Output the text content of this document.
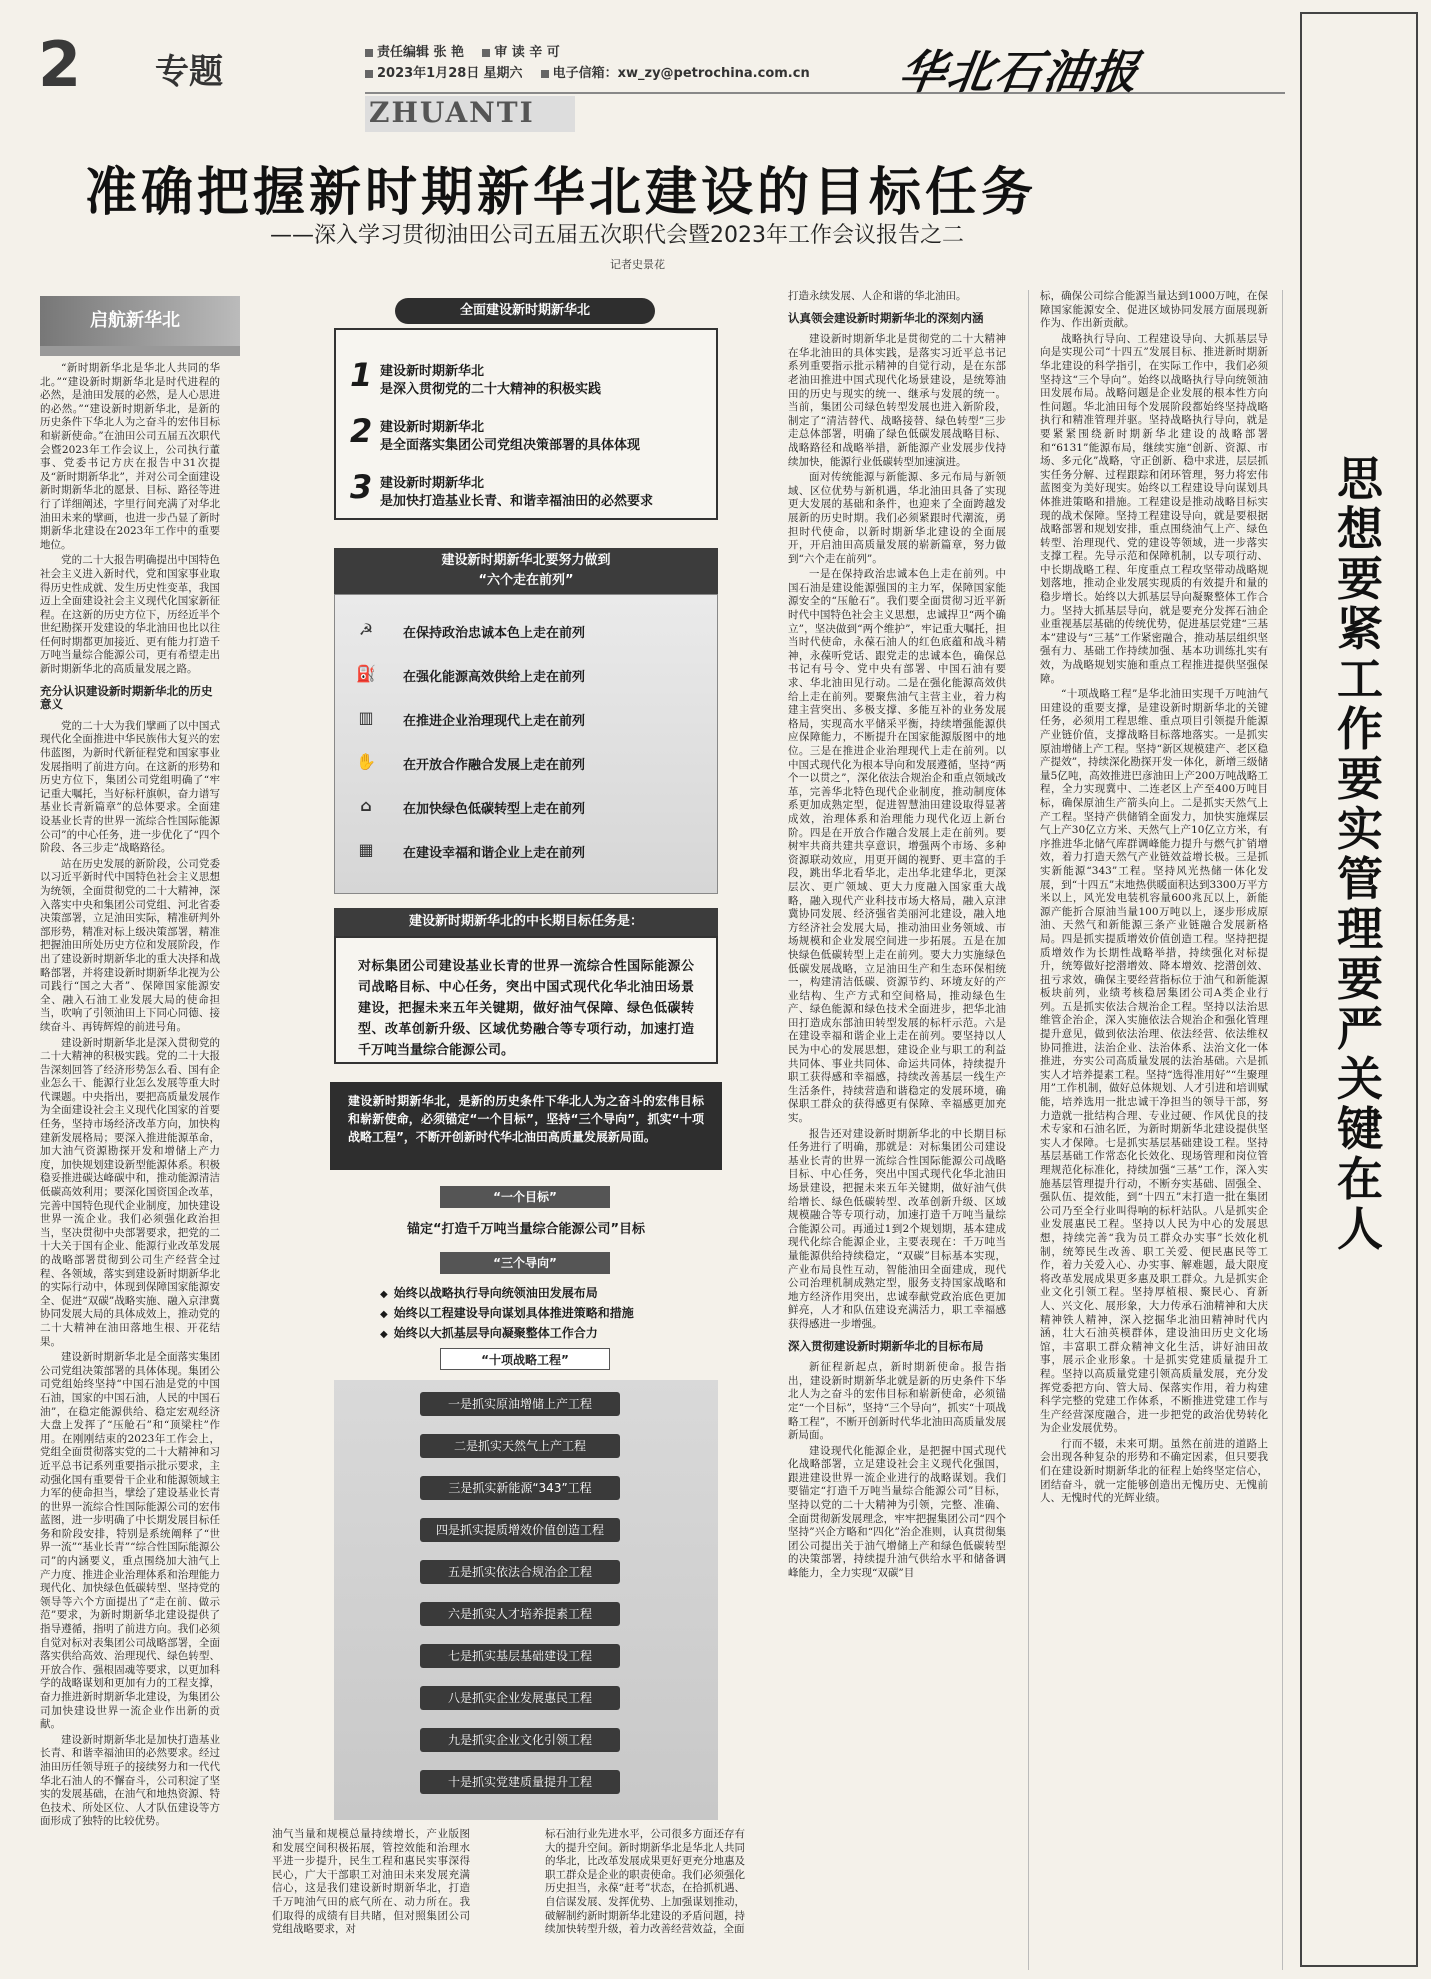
2 专题	责任编辑 张 艳 审 读 辛 可
2023年1月28日 星期六 电子信箱：xw_zy@petrochina.com.cn
ZHUANTI
华北石油报
思想要紧 工作要实 管理要严 关键在人
准确把握新时期新华北建设的目标任务
——深入学习贯彻油田公司五届五次职代会暨2023年工作会议报告之二
记者史景花
启航新华北

“新时期新华北是华北人共同的华北。”“建设新时期新华北是时代进程的必然，是油田发展的必然，是人心思进的必然。”“建设新时期新华北，是新的历史条件下华北人为之奋斗的宏伟目标和崭新使命。”在油田公司五届五次职代会暨2023年工作会议上，公司执行董事、党委书记方庆在报告中31次提及“新时期新华北”，并对公司全面建设新时期新华北的愿景、目标、路径等进行了详细阐述，字里行间充满了对华北油田未来的擘画，也进一步凸显了新时期新华北建设在2023年工作中的重要地位。

党的二十大报告明确提出中国特色社会主义进入新时代，党和国家事业取得历史性成就、发生历史性变革，我国迈上全面建设社会主义现代化国家新征程。在这新的历史方位下，历经近半个世纪勘探开发建设的华北油田也比以往任何时期都更加接近、更有能力打造千万吨当量综合能源公司，更有希望走出新时期新华北的高质量发展之路。

充分认识建设新时期新华北的历史意义

党的二十大为我们擘画了以中国式现代化全面推进中华民族伟大复兴的宏伟蓝图，为新时代新征程党和国家事业发展指明了前进方向。在这新的形势和历史方位下，集团公司党组明确了“牢记重大嘱托，当好标杆旗帜，奋力谱写基业长青新篇章”的总体要求。全面建设基业长青的世界一流综合性国际能源公司”的中心任务，进一步优化了“四个阶段、各三步走”战略路径。

站在历史发展的新阶段，公司党委以习近平新时代中国特色社会主义思想为统领，全面贯彻党的二十大精神，深入落实中央和集团公司党组、河北省委决策部署，立足油田实际，精准研判外部形势，精准对标上级决策部署，精准把握油田所处历史方位和发展阶段，作出了建设新时期新华北的重大决择和战略部署，并将建设新时期新华北视为公司践行“国之大者”、保障国家能源安全、融入石油工业发展大局的使命担当，吹响了引领油田上下同心同德、接续奋斗、再铸辉煌的前进号角。

建设新时期新华北是深入贯彻党的二十大精神的积极实践。党的二十大报告深刻回答了经济形势怎么看、国有企业怎么干、能源行业怎么发展等重大时代课题。中央指出，要把高质量发展作为全面建设社会主义现代化国家的首要任务，坚持市场经济改革方向，加快构建新发展格局；要深入推进能源革命，加大油气资源勘探开发和增储上产力度，加快规划建设新型能源体系。积极稳妥推进碳达峰碳中和，推动能源清洁低碳高效利用；要深化国资国企改革，完善中国特色现代企业制度，加快建设世界一流企业。我们必须强化政治担当，坚决贯彻中央部署要求，把党的二十大关于国有企业、能源行业改革发展的战略部署贯彻到公司生产经营全过程、各领域，落实到建设新时期新华北的实际行动中，体现到保障国家能源安全、促进“双碳”战略实施、融入京津冀协同发展大局的具体成效上，推动党的二十大精神在油田落地生根、开花结果。

建设新时期新华北是全面落实集团公司党组决策部署的具体体现。集团公司党组始终坚持“中国石油是党的中国石油，国家的中国石油，人民的中国石油”，在稳定能源供给、稳定宏观经济大盘上发挥了“压舱石”和“顶梁柱”作用。在刚刚结束的2023年工作会上，党组全面贯彻落实党的二十大精神和习近平总书记系列重要指示批示要求，主动强化国有重要骨干企业和能源领域主力军的使命担当，擘绘了建设基业长青的世界一流综合性国际能源公司的宏伟蓝图，进一步明确了中长期发展目标任务和阶段安排，特别是系统阐释了“世界一流”“基业长青”“综合性国际能源公司”的内涵要义，重点围绕加大油气上产力度、推进企业治理体系和治理能力现代化、加快绿色低碳转型、坚持党的领导等六个方面提出了“走在前、做示范”要求，为新时期新华北建设提供了指导遵循，指明了前进方向。我们必须自觉对标对表集团公司战略部署，全面落实供给高效、治理现代、绿色转型、开放合作、强根固魂等要求，以更加科学的战略谋划和更加有力的工程支撑，奋力推进新时期新华北建设，为集团公司加快建设世界一流企业作出新的贡献。

建设新时期新华北是加快打造基业长青、和谐幸福油田的必然要求。经过油田历任领导班子的接续努力和一代代华北石油人的不懈奋斗，公司积淀了坚实的发展基础，在油气和地热资源、特色技术、所处区位、人才队伍建设等方面形成了独特的比较优势。

油气当量和规模总量持续增长，产业版图和发展空间积极拓展，管控效能和治理水平进一步提升，民生工程和惠民实事深得民心，广大干部职工对油田未来发展充满信心，这是我们建设新时期新华北，打造千万吨油气田的底气所在、动力所在。我们取得的成绩有目共睹，但对照集团公司党组战略要求，对

标石油行业先进水平，公司很多方面还存有大的提升空间。新时期新华北是华北人共同的华北，比改革发展成果更好更充分地惠及职工群众是企业的职责使命。我们必须强化历史担当，永葆“赶考”状态，在拾抓机遇、自信谋发展、发挥优势、上加强谋划推动，破解制约新时期新华北建设的矛盾问题，持续加快转型升级，着力改善经营效益，全面

全面建设新时期新华北
1 建设新时期新华北
是深入贯彻党的二十大精神的积极实践
2 建设新时期新华北
是全面落实集团公司党组决策部署的具体体现
3 建设新时期新华北
是加快打造基业长青、和谐幸福油田的必然要求
建设新时期新华北要努力做到
“六个走在前列”
☭ 在保持政治忠诚本色上走在前列
⛽ 在强化能源高效供给上走在前列
▥ 在推进企业治理现代上走在前列
✋ 在开放合作融合发展上走在前列
⌂	在加快绿色低碳转型上走在前列
▦ 在建设幸福和谐企业上走在前列
建设新时期新华北的中长期目标任务是：
对标集团公司建设基业长青的世界一流综合性国际能源公司战略目标、中心任务，突出中国式现代化华北油田场景建设，把握未来五年关键期，做好油气保障、绿色低碳转型、改革创新升级、区域优势融合等专项行动，加速打造千万吨当量综合能源公司。
建设新时期新华北，是新的历史条件下华北人为之奋斗的宏伟目标和崭新使命，必须锚定“一个目标”，坚持“三个导向”，抓实“十项战略工程”，不断开创新时代华北油田高质量发展新局面。
“一个目标”
锚定“打造千万吨当量综合能源公司”目标
“三个导向”
◆ 始终以战略执行导向统领油田发展布局
◆ 始终以工程建设导向谋划具体推进策略和措施
◆ 始终以大抓基层导向凝聚整体工作合力
“十项战略工程”
一是抓实原油增储上产工程
二是抓实天然气上产工程
三是抓实新能源“343”工程
四是抓实提质增效价值创造工程
五是抓实依法合规治企工程
六是抓实人才培养提素工程
七是抓实基层基础建设工程
八是抓实企业发展惠民工程
九是抓实企业文化引领工程
十是抓实党建质量提升工程

打造永续发展、人企和谐的华北油田。

认真领会建设新时期新华北的深刻内涵

建设新时期新华北是贯彻党的二十大精神在华北油田的具体实践，是落实习近平总书记系列重要指示批示精神的自觉行动，是在东部老油田推进中国式现代化场景建设，是统筹油田的历史与现实的统一、继承与发展的统一。当前，集团公司绿色转型发展也进入新阶段，制定了“清洁替代、战略接替、绿色转型”三步走总体部署，明确了绿色低碳发展战略目标、战略路径和战略举措，新能源产业发展步伐持续加快，能源行业低碳转型加速演进。

面对传统能源与新能源、多元布局与新领域、区位优势与新机遇，华北油田具备了实现更大发展的基础和条件，也迎来了全面跨越发展新的历史时期。我们必须紧跟时代潮流，勇担时代使命，以新时期新华北建设的全面展开，开启油田高质量发展的崭新篇章，努力做到“六个走在前列”。

一是在保持政治忠诚本色上走在前列。中国石油是建设能源强国的主力军，保障国家能源安全的“压舱石”。我们要全面贯彻习近平新时代中国特色社会主义思想，忠诚捍卫“两个确立”，坚决做到“两个维护”，牢记重大嘱托，担当时代使命，永葆石油人的红色底蕴和战斗精神，永葆听党话、跟党走的忠诚本色，确保总书记有号令、党中央有部署、中国石油有要求、华北油田见行动。二是在强化能源高效供给上走在前列。要聚焦油气主营主业，着力构建主营突出、多极支撑、多能互补的业务发展格局，实现高水平储采平衡，持续增强能源供应保障能力，不断提升在国家能源版图中的地位。三是在推进企业治理现代上走在前列。以中国式现代化为根本导向和发展遵循，坚持“两个一以贯之”，深化依法合规治企和重点领域改革，完善华北特色现代企业制度，推动制度体系更加成熟定型，促进智慧油田建设取得显著成效，治理体系和治理能力现代化迈上新台阶。四是在开放合作融合发展上走在前列。要树牢共商共建共享意识，增强两个市场、多种资源联动效应，用更开阔的视野、更丰富的手段，跳出华北看华北，走出华北建华北，更深层次、更广领域、更大力度融入国家重大战略，融入现代产业科技市场大格局，融入京津冀协同发展、经济强省美丽河北建设，融入地方经济社会发展大局，推动油田业务领域、市场规模和企业发展空间进一步拓展。五是在加快绿色低碳转型上走在前列。要大力实施绿色低碳发展战略，立足油田生产和生态环保相统一，构建清洁低碳、资源节约、环境友好的产业结构、生产方式和空间格局，推动绿色生产、绿色能源和绿色技术全面进步，把华北油田打造成东部油田转型发展的标杆示范。六是在建设幸福和谐企业上走在前列。要坚持以人民为中心的发展思想，建设企业与职工的利益共同体、事业共同体、命运共同体，持续提升职工获得感和幸福感，持续改善基层一线生产生活条件，持续营造和谐稳定的发展环境，确保职工群众的获得感更有保障、幸福感更加充实。

报告还对建设新时期新华北的中长期目标任务进行了明确，那就是：对标集团公司建设基业长青的世界一流综合性国际能源公司战略目标、中心任务，突出中国式现代化华北油田场景建设，把握未来五年关键期，做好油气供给增长、绿色低碳转型、改革创新升级、区域规模融合等专项行动，加速打造千万吨当量综合能源公司。再通过1到2个规划期，基本建成现代化综合能源企业，主要表现在：千万吨当量能源供给持续稳定，“双碳”目标基本实现，产业布局良性互动，智能油田全面建成，现代公司治理机制成熟定型，服务支持国家战略和地方经济作用突出，忠诚奉献党政治底色更加鲜亮，人才和队伍建设充满活力，职工幸福感获得感进一步增强。

深入贯彻建设新时期新华北的目标布局

新征程新起点，新时期新使命。报告指出，建设新时期新华北就是新的历史条件下华北人为之奋斗的宏伟目标和崭新使命，必须锚定“一个目标”，坚持“三个导向”，抓实“十项战略工程”，不断开创新时代华北油田高质量发展新局面。

建设现代化能源企业，是把握中国式现代化战略部署，立足建设社会主义现代化强国，跟进建设世界一流企业进行的战略谋划。我们要锚定“打造千万吨当量综合能源公司”目标，坚持以党的二十大精神为引领，完整、准确、全面贯彻新发展理念，牢牢把握集团公司“四个坚持”兴企方略和“四化”治企准则，认真贯彻集团公司提出关于油气增储上产和绿色低碳转型的决策部署，持续提升油气供给水平和储备调峰能力，全力实现“双碳”目

标，确保公司综合能源当量达到1000万吨，在保障国家能源安全、促进区域协同发展方面展现新作为、作出新贡献。

战略执行导向、工程建设导向、大抓基层导向是实现公司“十四五”发展目标、推进新时期新华北建设的科学指引，在实际工作中，我们必须坚持这“三个导向”。始终以战略执行导向统领油田发展布局。战略问题是企业发展的根本性方向性问题。华北油田每个发展阶段都始终坚持战略执行和精准管理并驱。坚持战略执行导向，就是要紧紧围绕新时期新华北建设的战略部署和“6131”能源布局，继续实施“创新、资源、市场、多元化”战略，守正创新、稳中求进，层层抓实任务分解、过程跟踪和闭环管理，努力将宏伟蓝图变为美好现实。始终以工程建设导向谋划具体推进策略和措施。工程建设是推动战略目标实现的战术保障。坚持工程建设导向，就是要根据战略部署和规划安排，重点围绕油气上产、绿色转型、治理现代、党的建设等领域，进一步落实支撑工程。先导示范和保障机制，以专项行动、中长期战略工程、年度重点工程攻坚带动战略规划落地，推动企业发展实现质的有效提升和量的稳步增长。始终以大抓基层导向凝聚整体工作合力。坚持大抓基层导向，就是要充分发挥石油企业重视基层基础的传统优势，促进基层党建“三基本”建设与“三基”工作紧密融合，推动基层组织坚强有力、基础工作持续加强、基本功训练扎实有效，为战略规划实施和重点工程推进提供坚强保障。

“十项战略工程”是华北油田实现千万吨油气田建设的重要支撑，是建设新时期新华北的关键任务，必须用工程思维、重点项目引领提升能源产业链价值，支撑战略目标落地落实。一是抓实原油增储上产工程。坚持“新区规模建产、老区稳产提效”，持续深化勘探开发一体化，新增三级储量5亿吨，高效推进巴彦油田上产200万吨战略工程，全力实现冀中、二连老区上产至400万吨目标，确保原油生产箭头向上。二是抓实天然气上产工程。坚持产供储销全面发力，加快实施煤层气上产30亿立方米、天然气上产10亿立方米，有序推进华北储气库群调峰能力提升与燃气扩销增效，着力打造天然气产业链效益增长极。三是抓实新能源“343”工程。坚持风光热储一体化发展，到“十四五”末地热供暖面积达到3300万平方米以上，风光发电装机容量600兆瓦以上，新能源产能折合原油当量100万吨以上，逐步形成原油、天然气和新能源三条产业链融合发展新格局。四是抓实提质增效价值创造工程。坚持把提质增效作为长期性战略举措，持续强化对标提升，统筹做好挖潜增效、降本增效、挖潜创效、扭亏求效，确保主要经营指标位于油气和新能源板块前列，业绩考核稳居集团公司A类企业行列。五是抓实依法合规治企工程。坚持以法治思维管企治企，深入实施依法合规治企和强化管理提升意见，做到依法治理、依法经营、依法维权协同推进，法治企业、法治体系、法治文化一体推进，夯实公司高质量发展的法治基础。六是抓实人才培养提素工程。坚持“选得准用好”“生聚理用”工作机制，做好总体规划、人才引进和培训赋能，培养选用一批忠诚干净担当的领导干部，努力造就一批结构合理、专业过硬、作风优良的技术专家和石油名匠，为新时期新华北建设提供坚实人才保障。七是抓实基层基础建设工程。坚持基层基础工作常态化长效化、现场管理和岗位管理规范化标准化，持续加强“三基”工作，深入实施基层管理提升行动，不断夯实基础、固强全、强队伍、提效能，到“十四五”末打造一批在集团公司乃至全行业叫得响的标杆站队。八是抓实企业发展惠民工程。坚持以人民为中心的发展思想，持续完善“我为员工群众办实事”长效化机制，统筹民生改善、职工关爱、便民惠民等工作，着力关爱入心、办实事、解难题，最大限度将改革发展成果更多惠及职工群众。九是抓实企业文化引领工程。坚持厚植根、聚民心、育新人、兴文化、展形象，大力传承石油精神和大庆精神铁人精神，深入挖掘华北油田精神时代内涵，壮大石油英模群体，建设油田历史文化场馆，丰富职工群众精神文化生活，讲好油田故事，展示企业形象。十是抓实党建质量提升工程。坚持以高质量党建引领高质量发展，充分发挥党委把方向、管大局、保落实作用，着力构建科学完整的党建工作体系，不断推进党建工作与生产经营深度融合，进一步把党的政治优势转化为企业发展优势。

行而不辍，未来可期。虽然在前进的道路上会出现各种复杂的形势和不确定因素，但只要我们在建设新时期新华北的征程上始终坚定信心，团结奋斗，就一定能够创造出无愧历史、无愧前人、无愧时代的光辉业绩。
